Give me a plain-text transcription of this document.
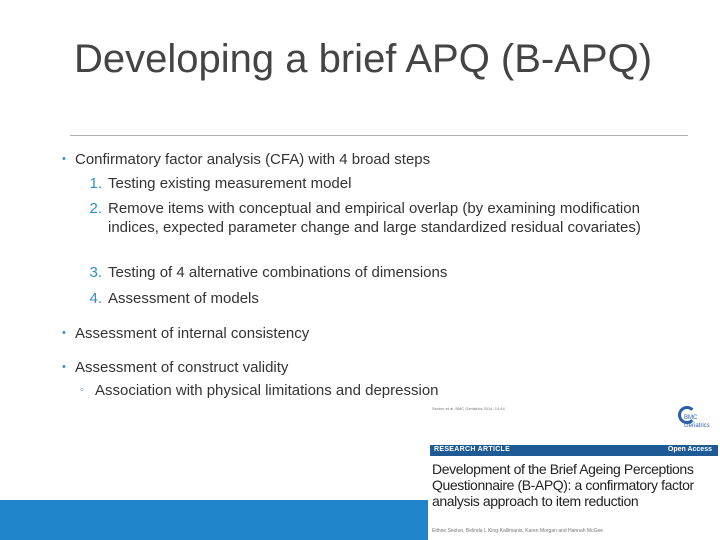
Developing a brief APQ (B-APQ)
• Confirmatory factor analysis (CFA) with 4 broad steps
1. Testing existing measurement model
2. Remove items with conceptual and empirical overlap (by examining modification indices, expected parameter change and large standardized residual covariates)
3. Testing of 4 alternative combinations of dimensions
4. Assessment of models
• Assessment of internal consistency
• Assessment of construct validity
◦ Association with physical limitations and depression
Sexton et al. BMC Geriatrics 2014, 14:44
BMC Geriatrics
RESEARCH ARTICLE	Open Access
Development of the Brief Ageing Perceptions Questionnaire (B-APQ): a confirmatory factor analysis approach to item reduction
Eithne Sexton, Belinda L King-Kallimanis, Karen Morgan and Hannah McGee
